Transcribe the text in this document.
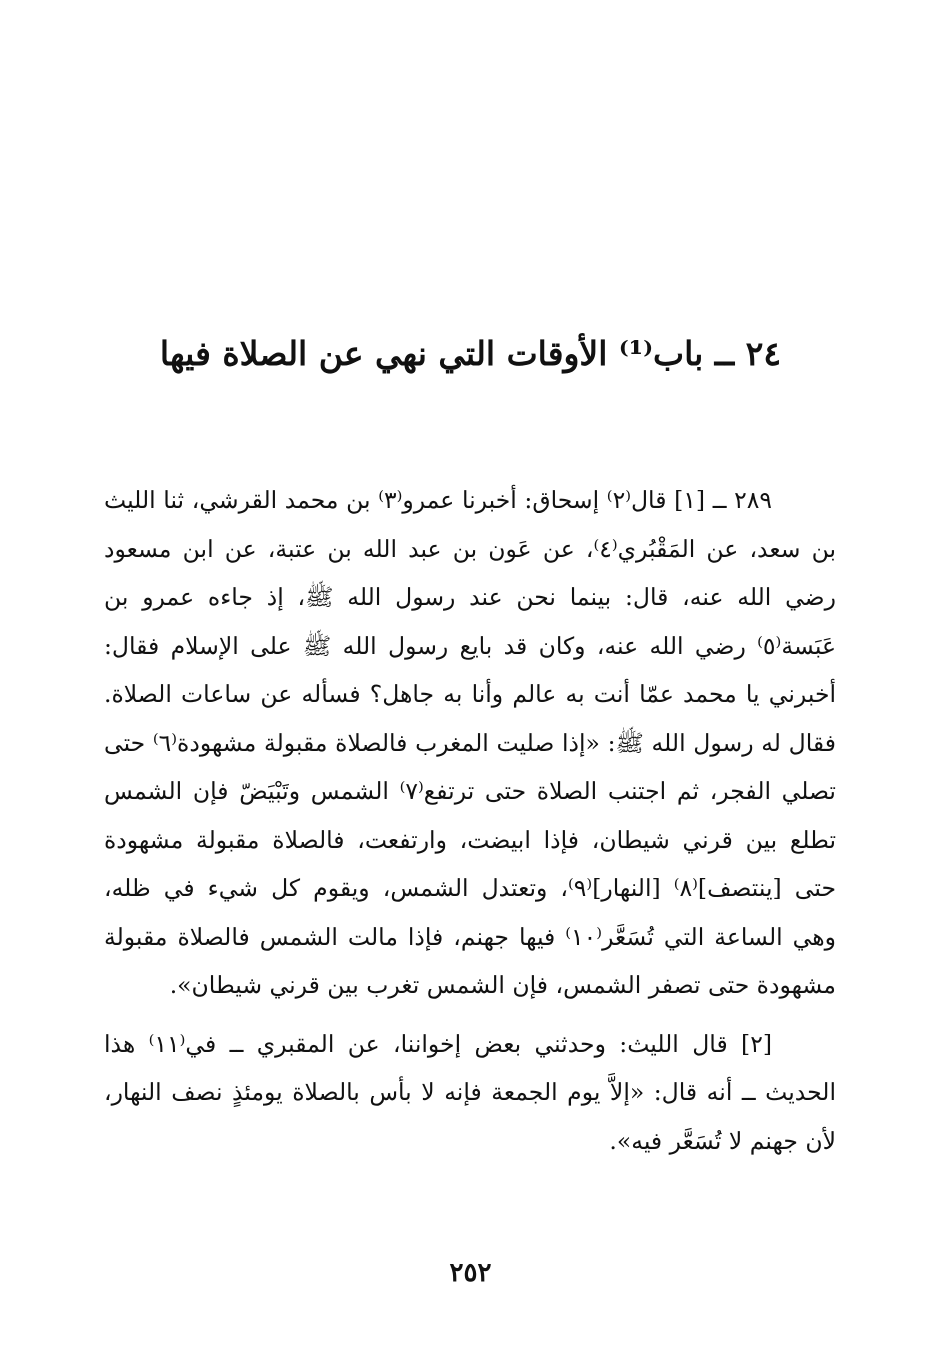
٢٤ ــ باب⁽¹⁾ الأوقات التي نهي عن الصلاة فيها

٢٨٩ ــ [١] قال⁽٢⁾ إسحاق: أخبرنا عمرو⁽٣⁾ بن محمد القرشي، ثنا الليث بن سعد، عن المَقْبُري⁽٤⁾، عن عَون بن عبد الله بن عتبة، عن ابن مسعود رضي الله عنه، قال: بينما نحن عند رسول الله ﷺ، إذ جاءه عمرو بن عَبَسة⁽٥⁾ رضي الله عنه، وكان قد بايع رسول الله ﷺ على الإسلام فقال: أخبرني يا محمد عمّا أنت به عالم وأنا به جاهل؟ فسأله عن ساعات الصلاة. فقال له رسول الله ﷺ: «إذا صليت المغرب فالصلاة مقبولة مشهودة⁽٦⁾ حتى تصلي الفجر، ثم اجتنب الصلاة حتى ترتفع⁽٧⁾ الشمس وتَبْيَضّ فإن الشمس تطلع بين قرني شيطان، فإذا ابيضت، وارتفعت، فالصلاة مقبولة مشهودة حتى [ينتصف]⁽٨⁾ [النهار]⁽٩⁾، وتعتدل الشمس، ويقوم كل شيء في ظله، وهي الساعة التي تُسَعَّر⁽١٠⁾ فيها جهنم، فإذا مالت الشمس فالصلاة مقبولة مشهودة حتى تصفر الشمس، فإن الشمس تغرب بين قرني شيطان».

[٢] قال الليث: وحدثني بعض إخواننا، عن المقبري ــ في⁽١١⁾ هذا الحديث ــ أنه قال: «إلاَّ يوم الجمعة فإنه لا بأس بالصلاة يومئذٍ نصف النهار، لأن جهنم لا تُسَعَّر فيه».

٢٥٢
